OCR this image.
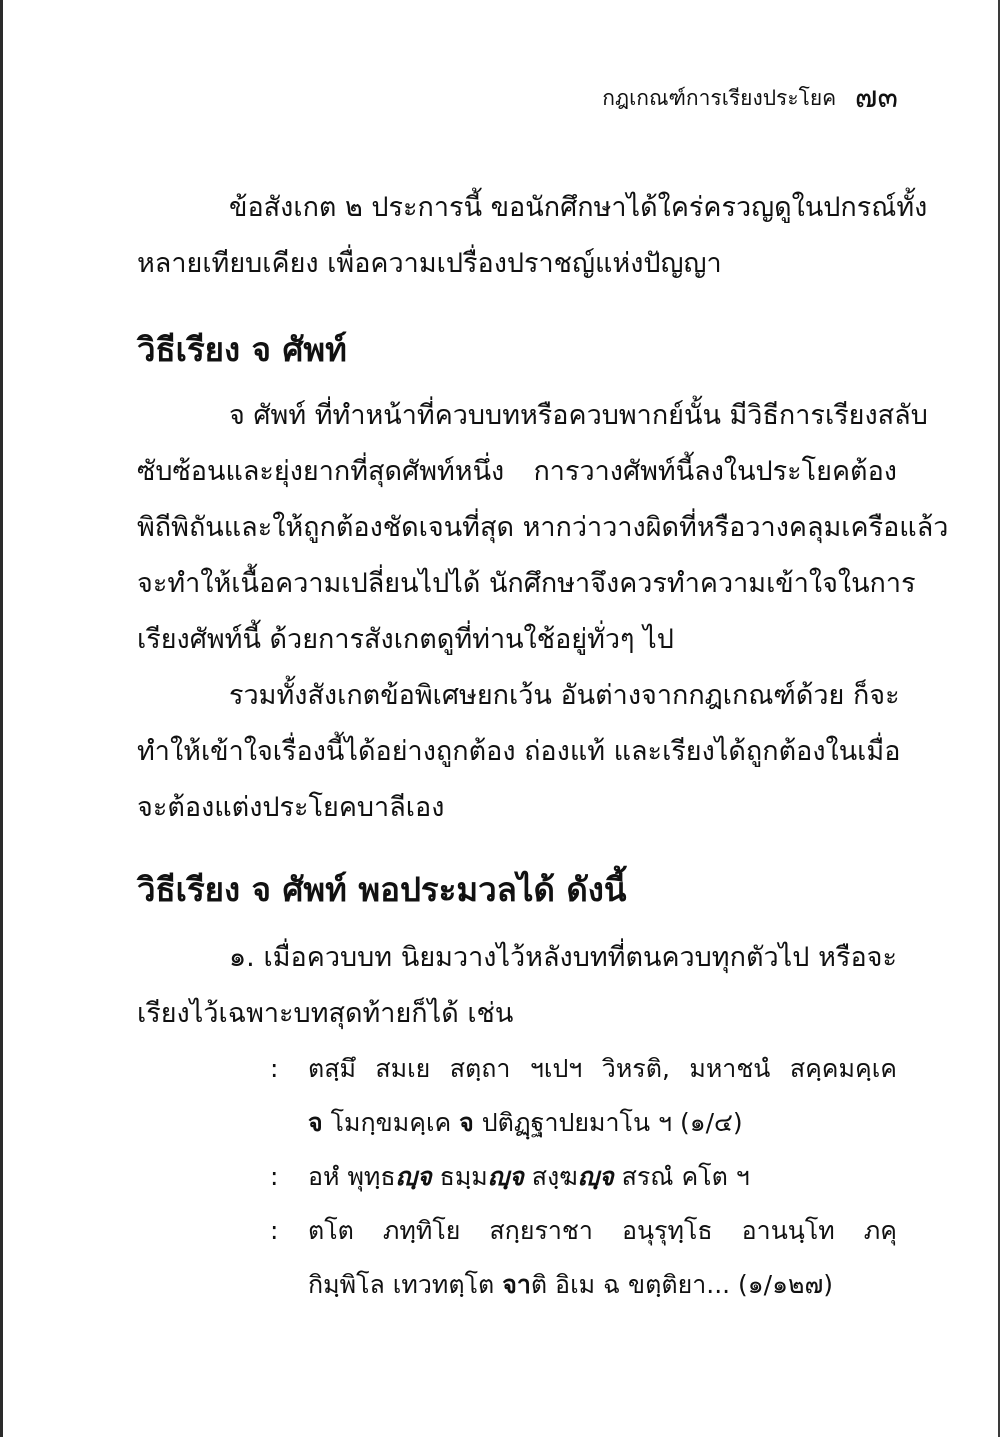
กฎเกณฑ์การเรียงประโยค ๗๓
ข้อสังเกต ๒ ประการนี้ ขอนักศึกษาได้ใคร่ครวญดูในปกรณ์ทั้ง
หลายเทียบเคียง เพื่อความเปรื่องปราชญ์แห่งปัญญา
วิธีเรียง จ ศัพท์
จ ศัพท์ ที่ทำหน้าที่ควบบทหรือควบพากย์นั้น มีวิธีการเรียงสลับ
ซับซ้อนและยุ่งยากที่สุดศัพท์หนึ่ง การวางศัพท์นี้ลงในประโยคต้อง
พิถีพิถันและให้ถูกต้องชัดเจนที่สุด หากว่าวางผิดที่หรือวางคลุมเครือแล้ว
จะทำให้เนื้อความเปลี่ยนไปได้ นักศึกษาจึงควรทำความเข้าใจในการ
เรียงศัพท์นี้ ด้วยการสังเกตดูที่ท่านใช้อยู่ทั่วๆ ไป
รวมทั้งสังเกตข้อพิเศษยกเว้น อันต่างจากกฎเกณฑ์ด้วย ก็จะ
ทำให้เข้าใจเรื่องนี้ได้อย่างถูกต้อง ถ่องแท้ และเรียงได้ถูกต้องในเมื่อ
จะต้องแต่งประโยคบาลีเอง
วิธีเรียง จ ศัพท์ พอประมวลได้ ดังนี้
๑. เมื่อควบบท นิยมวางไว้หลังบทที่ตนควบทุกตัวไป หรือจะ
เรียงไว้เฉพาะบทสุดท้ายก็ได้ เช่น
:	ตสฺมึ สมเย สตฺถา ฯเปฯ วิหรติ, มหาชนํ สคฺคมคฺเค
จ โมกฺขมคฺเค จ ปติฏฺฐาปยมาโน ฯ (๑/๔)
:	อหํ พุทฺธญฺจ ธมฺมญฺจ สงฺฆญฺจ สรณํ คโต ฯ
:	ตโต ภทฺทิโย สกฺยราชา อนุรุทฺโธ อานนฺโท ภคุ
กิมฺพิโล เทวทตฺโต จาติ อิเม ฉ ขตฺติยา... (๑/๑๒๗)
